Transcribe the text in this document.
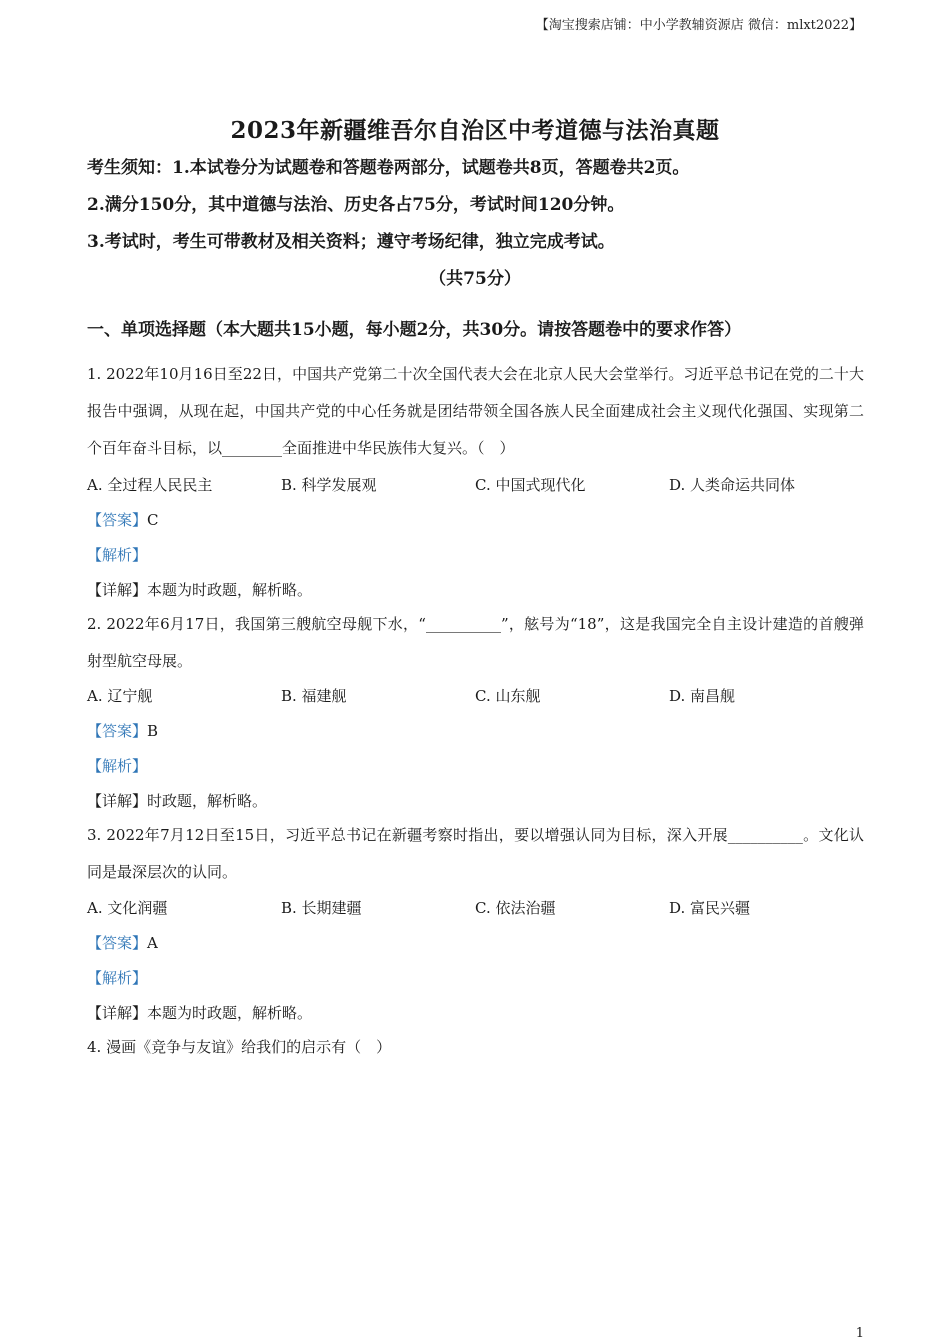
【淘宝搜索店铺：中小学教辅资源店 微信：mlxt2022】
2023年新疆维吾尔自治区中考道德与法治真题
考生须知：1.本试卷分为试题卷和答题卷两部分，试题卷共8页，答题卷共2页。
2.满分150分，其中道德与法治、历史各占75分，考试时间120分钟。
3.考试时，考生可带教材及相关资料；遵守考场纪律，独立完成考试。
（共75分）
一、单项选择题（本大题共15小题，每小题2分，共30分。请按答题卷中的要求作答）
1. 2022年10月16日至22日，中国共产党第二十次全国代表大会在北京人民大会堂举行。习近平总书记在党的二十大报告中强调，从现在起，中国共产党的中心任务就是团结带领全国各族人民全面建成社会主义现代化强国、实现第二个百年奋斗目标，以________全面推进中华民族伟大复兴。（　）
A. 全过程人民民主	B. 科学发展观	C. 中国式现代化	D. 人类命运共同体
【答案】C
【解析】
【详解】本题为时政题，解析略。
2. 2022年6月17日，我国第三艘航空母舰下水，“__________”，舷号为“18”，这是我国完全自主设计建造的首艘弹射型航空母展。
A. 辽宁舰	B. 福建舰	C. 山东舰	D. 南昌舰
【答案】B
【解析】
【详解】时政题，解析略。
3. 2022年7月12日至15日，习近平总书记在新疆考察时指出，要以增强认同为目标，深入开展__________。文化认同是最深层次的认同。
A. 文化润疆	B. 长期建疆	C. 依法治疆	D. 富民兴疆
【答案】A
【解析】
【详解】本题为时政题，解析略。
4. 漫画《竞争与友谊》给我们的启示有（　）
1
